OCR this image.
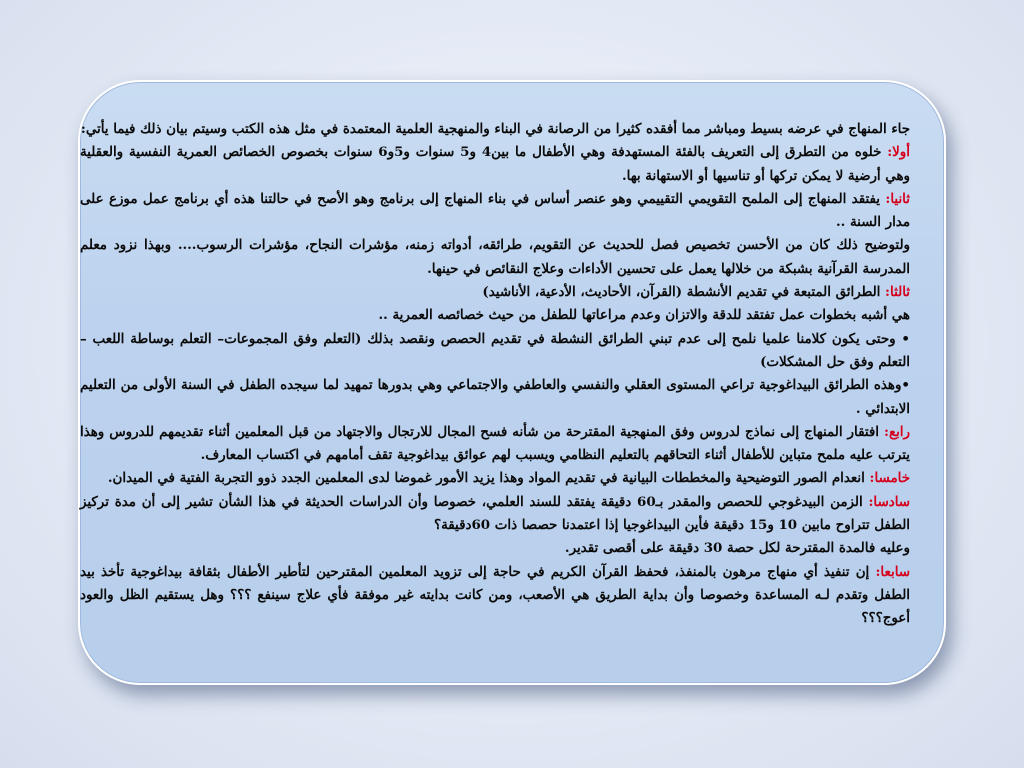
جاء المنهاج في عرضه بسيط ومباشر مما أفقده كثيرا من الرصانة في البناء والمنهجية العلمية المعتمدة في مثل هذه الكتب وسيتم بيان ذلك فيما يأتي:

أولا: خلوه من التطرق إلى التعريف بالفئة المستهدفة وهي الأطفال ما بين4 و5 سنوات و5و6 سنوات بخصوص الخصائص العمرية النفسية والعقلية وهي أرضية لا يمكن تركها أو تناسيها أو الاستهانة بها.

ثانيا: يفتقد المنهاج إلى الملمح التقويمي التقييمي وهو عنصر أساس في بناء المنهاج إلى برنامج وهو الأصح في حالتنا هذه أي برنامج عمل موزع على مدار السنة ..

ولتوضيح ذلك كان من الأحسن تخصيص فصل للحديث عن التقويم، طرائقه، أدواته زمنه، مؤشرات النجاح، مؤشرات الرسوب.... وبهذا نزود معلم المدرسة القرآنية بشبكة من خلالها يعمل على تحسين الأداءات وعلاج النقائص في حينها.

ثالثا: الطرائق المتبعة في تقديم الأنشطة (القرآن، الأحاديث، الأدعية، الأناشيد)

هي أشبه بخطوات عمل تفتقد للدقة والاتزان وعدم مراعاتها للطفل من حيث خصائصه العمرية ..

• وحتى يكون كلامنا علميا نلمح إلى عدم تبني الطرائق النشطة في تقديم الحصص ونقصد بذلك (التعلم وفق المجموعات– التعلم بوساطة اللعب – التعلم وفق حل المشكلات)

•وهذه الطرائق البيداغوجية تراعي المستوى العقلي والنفسي والعاطفي والاجتماعي وهي بدورها تمهيد لما سيجده الطفل في السنة الأولى من التعليم الابتدائي .

رابع: افتقار المنهاج إلى نماذج لدروس وفق المنهجية المقترحة من شأنه فسح المجال للارتجال والاجتهاد من قبل المعلمين أثناء تقديمهم للدروس وهذا يترتب عليه ملمح متباين للأطفال أثناء التحاقهم بالتعليم النظامي ويسبب لهم عوائق بيداغوجية تقف أمامهم في اكتساب المعارف.

خامسا: انعدام الصور التوضيحية والمخططات البيانية في تقديم المواد وهذا يزيد الأمور غموضا لدى المعلمين الجدد ذوو التجربة الفتية في الميدان.

سادسا: الزمن البيدغوجي للحصص والمقدر بـ60 دقيقة يفتقد للسند العلمي، خصوصا وأن الدراسات الحديثة في هذا الشأن تشير إلى أن مدة تركيز الطفل تتراوح مابين 10 و15 دقيقة فأين البيداغوجيا إذا اعتمدنا حصصا ذات 60دقيقة؟

وعليه فالمدة المقترحة لكل حصة 30 دقيقة على أقصى تقدير.

سابعا: إن تنفيذ أي منهاج مرهون بالمنفذ، فحفظ القرآن الكريم في حاجة إلى تزويد المعلمين المقترحين لتأطير الأطفال بثقافة بيداغوجية تأخذ بيد الطفل وتقدم لـه المساعدة وخصوصا وأن بداية الطريق هي الأصعب، ومن كانت بدايته غير موفقة فأي علاج سينفع ؟؟؟ وهل يستقيم الظل والعود أعوج؟؟؟
